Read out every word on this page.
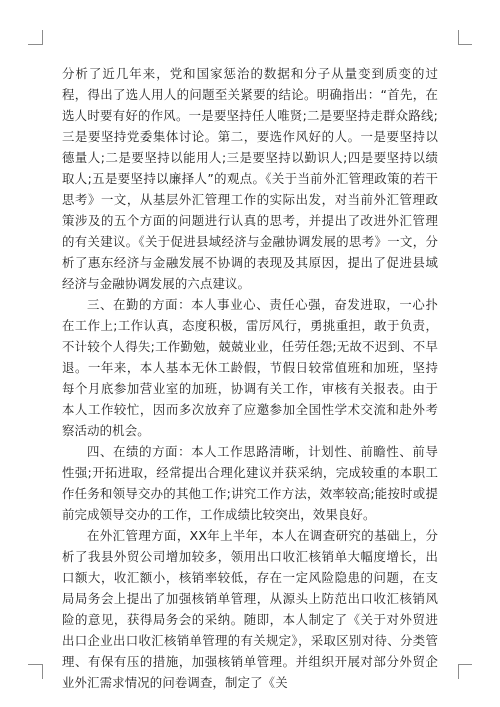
分析了近几年来，党和国家惩治的数据和分子从量变到质变的过程，得出了选人用人的问题至关紧要的结论。明确指出：“首先，在选人时要有好的作风。一是要坚持任人唯贤;二是要坚持走群众路线;三是要坚持党委集体讨论。第二，要选作风好的人。一是要坚持以德量人;二是要坚持以能用人;三是要坚持以勤识人;四是要坚持以绩取人;五是要坚持以廉择人”的观点。《关于当前外汇管理政策的若干思考》一文，从基层外汇管理工作的实际出发，对当前外汇管理政策涉及的五个方面的问题进行认真的思考，并提出了改进外汇管理的有关建议。《关于促进县域经济与金融协调发展的思考》一文，分析了惠东经济与金融发展不协调的表现及其原因，提出了促进县域经济与金融协调发展的六点建议。

三、在勤的方面：本人事业心、责任心强，奋发进取，一心扑在工作上;工作认真，态度积极，雷厉风行，勇挑重担，敢于负责，不计较个人得失;工作勤勉，兢兢业业，任劳任怨;无故不迟到、不早退。一年来，本人基本无休工龄假，节假日较常值班和加班，坚持每个月底参加营业室的加班，协调有关工作，审核有关报表。由于本人工作较忙，因而多次放弃了应邀参加全国性学术交流和赴外考察活动的机会。

四、在绩的方面：本人工作思路清晰，计划性、前瞻性、前导性强;开拓进取，经常提出合理化建议并获采纳，完成较重的本职工作任务和领导交办的其他工作;讲究工作方法，效率较高;能按时或提前完成领导交办的工作，工作成绩比较突出，效果良好。

在外汇管理方面，XX年上半年，本人在调查研究的基础上，分析了我县外贸公司增加较多，领用出口收汇核销单大幅度增长，出口额大，收汇额小，核销率较低，存在一定风险隐患的问题，在支局局务会上提出了加强核销单管理，从源头上防范出口收汇核销风险的意见，获得局务会的采纳。随即，本人制定了《关于对外贸进出口企业出口收汇核销单管理的有关规定》，采取区别对待、分类管理、有保有压的措施，加强核销单管理。并组织开展对部分外贸企业外汇需求情况的问卷调查，制定了《关
